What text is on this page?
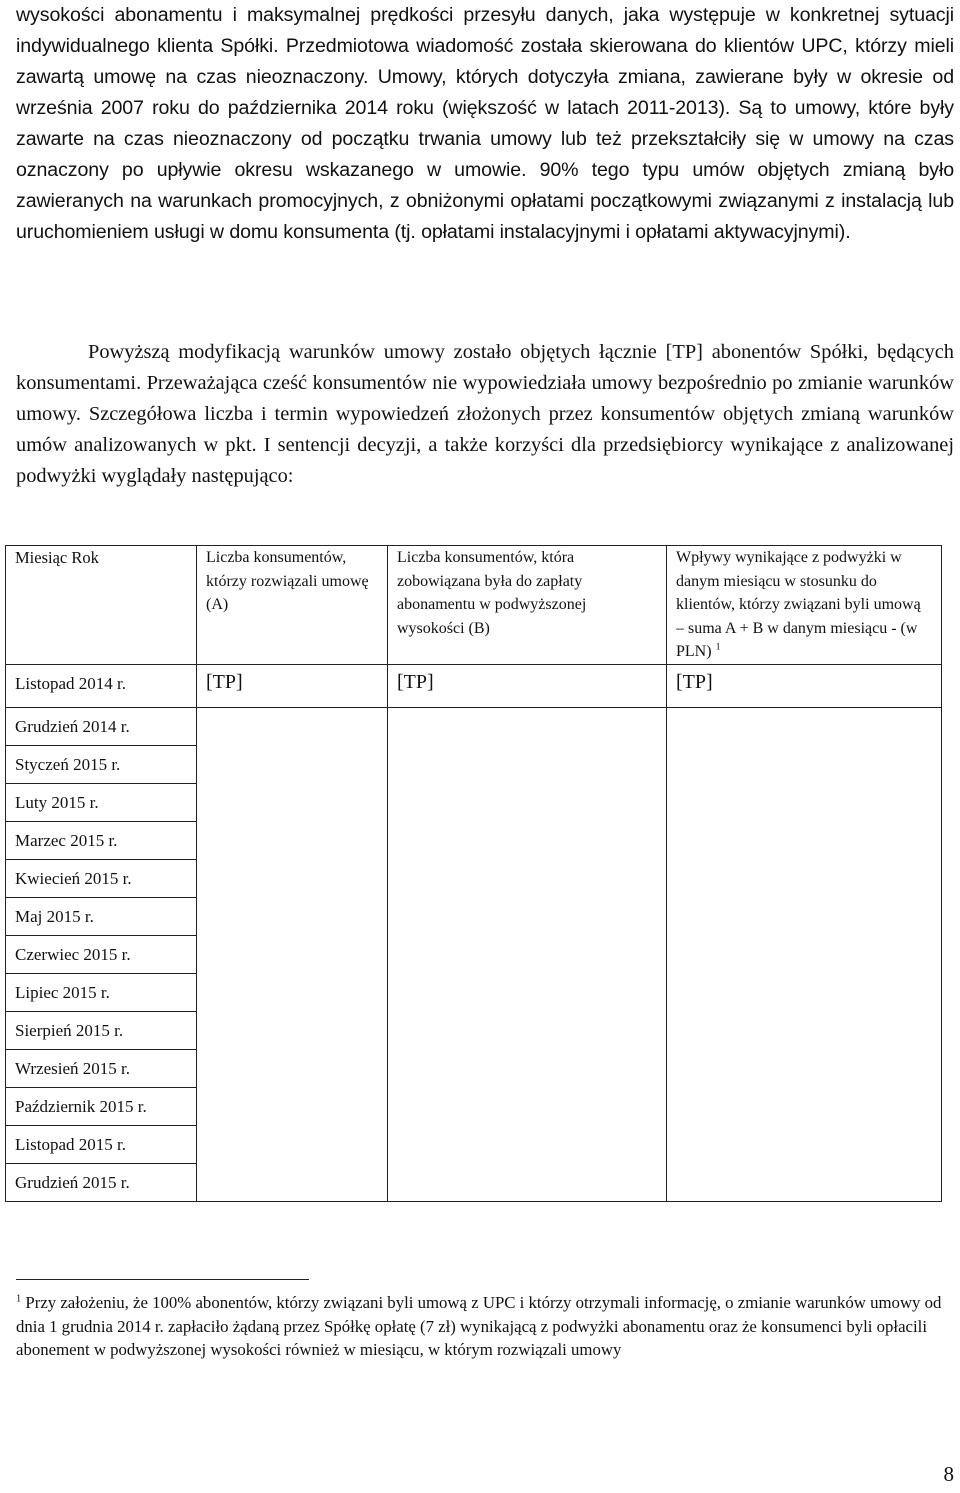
wysokości abonamentu i maksymalnej prędkości przesyłu danych, jaka występuje w konkretnej sytuacji indywidualnego klienta Spółki. Przedmiotowa wiadomość została skierowana do klientów UPC, którzy mieli zawartą umowę na czas nieoznaczony. Umowy, których dotyczyła zmiana, zawierane były w okresie od września 2007 roku do października 2014 roku (większość w latach 2011-2013). Są to umowy, które były zawarte na czas nieoznaczony od początku trwania umowy lub też przekształciły się w umowy na czas oznaczony po upływie okresu wskazanego w umowie. 90% tego typu umów objętych zmianą było zawieranych na warunkach promocyjnych, z obniżonymi opłatami początkowymi związanymi z instalacją lub uruchomieniem usługi w domu konsumenta (tj. opłatami instalacyjnymi i opłatami aktywacyjnymi).

Powyższą modyfikacją warunków umowy zostało objętych łącznie [TP] abonentów Spółki, będących konsumentami. Przeważająca cześć konsumentów nie wypowiedziała umowy bezpośrednio po zmianie warunków umowy. Szczegółowa liczba i termin wypowiedzeń złożonych przez konsumentów objętych zmianą warunków umów analizowanych w pkt. I sentencji decyzji, a także korzyści dla przedsiębiorcy wynikające z analizowanej podwyżki wyglądały następująco:

Miesiąc Rok	Liczba konsumentów, którzy rozwiązali umowę (A)	Liczba konsumentów, która zobowiązana była do zapłaty abonamentu w podwyższonej wysokości (B)	Wpływy wynikające z podwyżki w danym miesiącu w stosunku do klientów, którzy związani byli umową – suma A + B w danym miesiącu - (w PLN) $^1$
Listopad 2014 r.	[TP]	[TP]	[TP]
Grudzień 2014 r.			
Styczeń 2015 r.			
Luty 2015 r.			
Marzec 2015 r.			
Kwiecień 2015 r.			
Maj 2015 r.			
Czerwiec 2015 r.			
Lipiec 2015 r.			
Sierpień 2015 r.			
Wrzesień 2015 r.			
Październik 2015 r.			
Listopad 2015 r.			
Grudzień 2015 r.			

$^1$ Przy założeniu, że 100% abonentów, którzy związani byli umową z UPC i którzy otrzymali informację, o zmianie warunków umowy od dnia 1 grudnia 2014 r. zapłaciło żądaną przez Spółkę opłatę (7 zł) wynikającą z podwyżki abonamentu oraz że konsumenci byli opłacili abonement w podwyższonej wysokości również w miesiącu, w którym rozwiązali umowy

8
